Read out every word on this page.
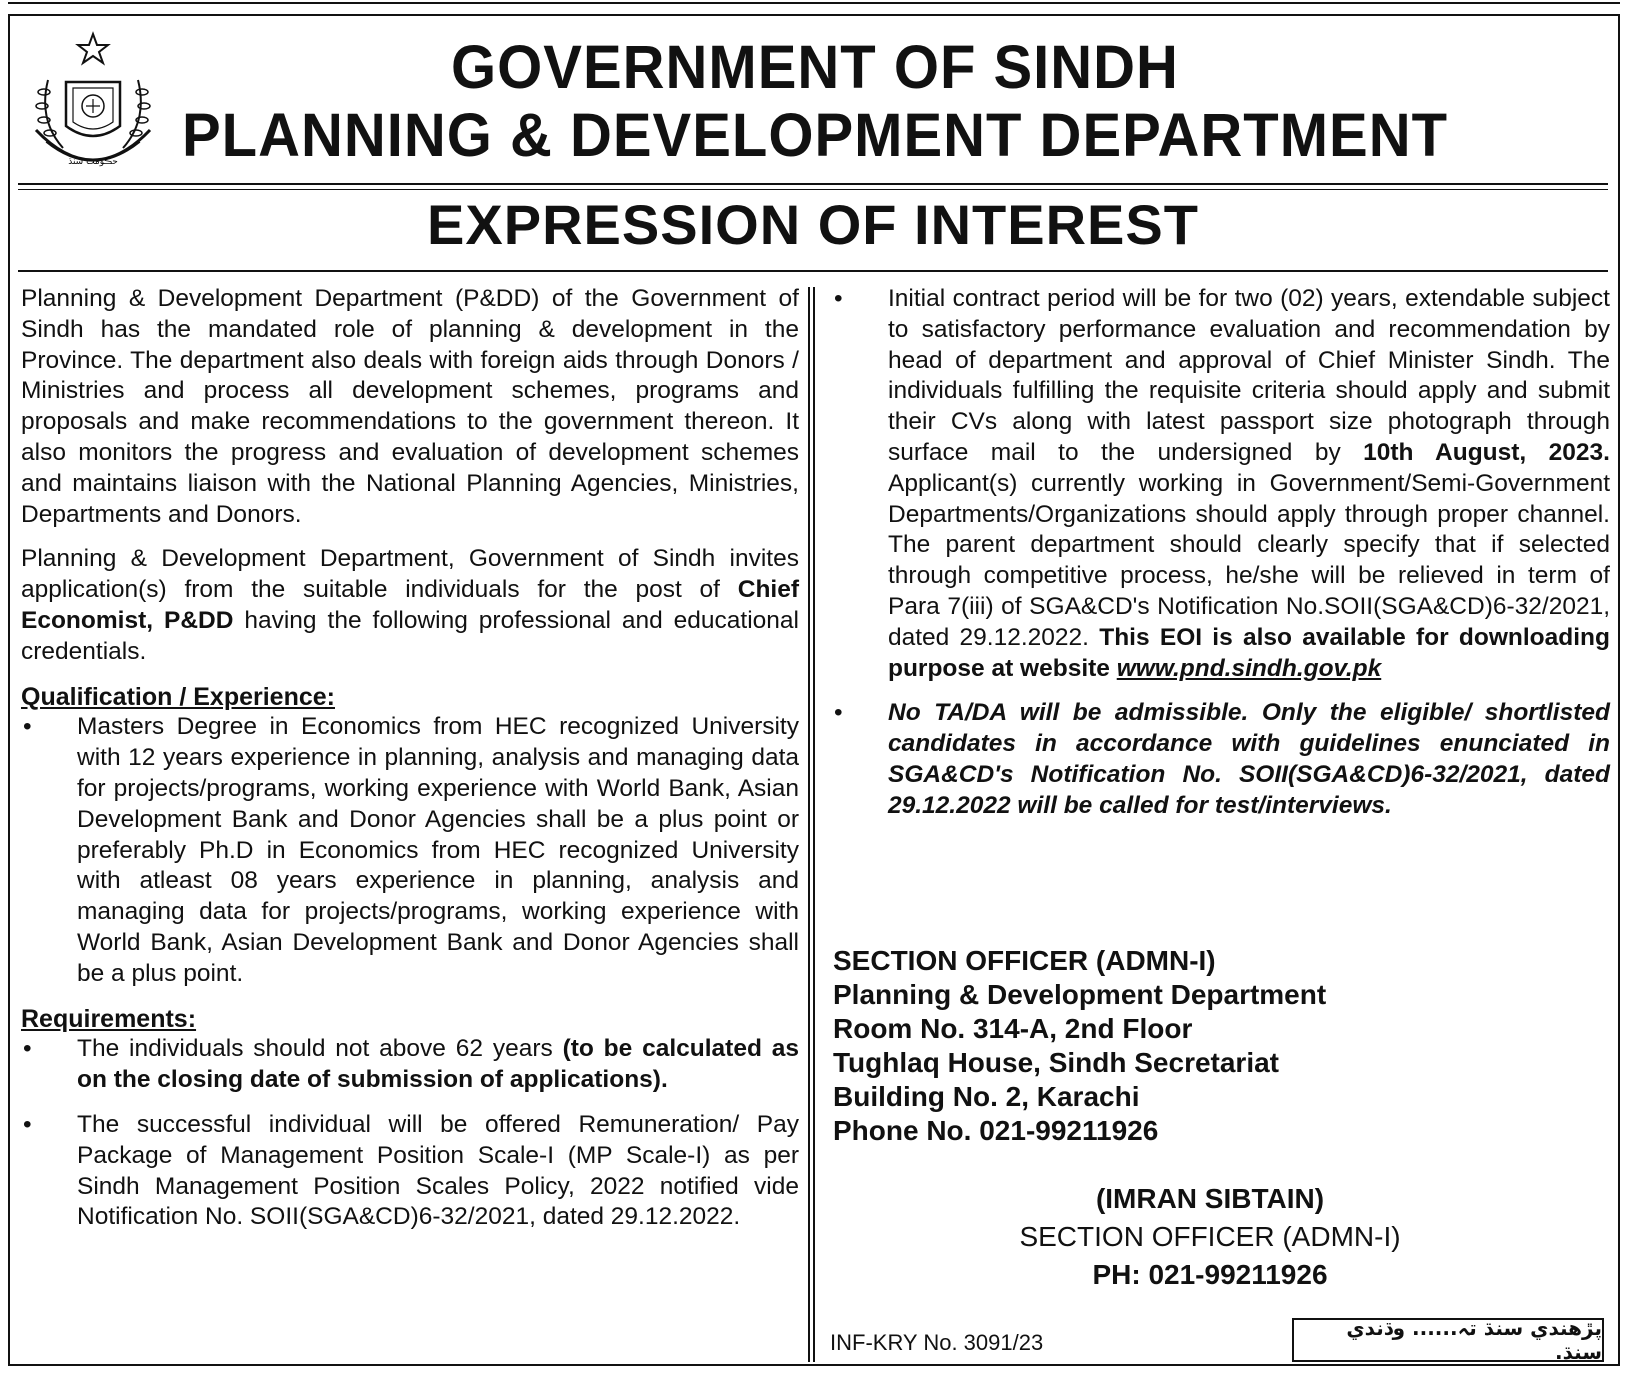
حڪومت سنڌ
GOVERNMENT OF SINDH
PLANNING & DEVELOPMENT DEPARTMENT
EXPRESSION OF INTEREST

Planning & Development Department (P&DD) of the Government of Sindh has the mandated role of planning & development in the Province. The department also deals with foreign aids through Donors / Ministries and process all development schemes, programs and proposals and make recommendations to the government thereon. It also monitors the progress and evaluation of development schemes and maintains liaison with the National Planning Agencies, Ministries, Departments and Donors.

Planning & Development Department, Government of Sindh invites application(s) from the suitable individuals for the post of Chief Economist, P&DD having the following professional and educational credentials.

Qualification / Experience:

• Masters Degree in Economics from HEC recognized University with 12 years experience in planning, analysis and managing data for projects/programs, working experience with World Bank, Asian Development Bank and Donor Agencies shall be a plus point or preferably Ph.D in Economics from HEC recognized University with atleast 08 years experience in planning, analysis and managing data for projects/programs, working experience with World Bank, Asian Development Bank and Donor Agencies shall be a plus point.

Requirements:

• The individuals should not above 62 years (to be calculated as on the closing date of submission of applications).

• The successful individual will be offered Remuneration/ Pay Package of Management Position Scale-I (MP Scale-I) as per Sindh Management Position Scales Policy, 2022 notified vide Notification No. SOII(SGA&CD)6-32/2021, dated 29.12.2022.

• Initial contract period will be for two (02) years, extendable subject to satisfactory performance evaluation and recommendation by head of department and approval of Chief Minister Sindh. The individuals fulfilling the requisite criteria should apply and submit their CVs along with latest passport size photograph through surface mail to the undersigned by 10th August, 2023. Applicant(s) currently working in Government/Semi-Government Departments/Organizations should apply through proper channel. The parent department should clearly specify that if selected through competitive process, he/she will be relieved in term of Para 7(iii) of SGA&CD's Notification No.SOII(SGA&CD)6-32/2021, dated 29.12.2022. This EOI is also available for downloading purpose at website www.pnd.sindh.gov.pk

• No TA/DA will be admissible. Only the eligible/ shortlisted candidates in accordance with guidelines enunciated in SGA&CD's Notification No. SOII(SGA&CD)6-32/2021, dated 29.12.2022 will be called for test/interviews.

SECTION OFFICER (ADMN-I)
Planning & Development Department
Room No. 314-A, 2nd Floor
Tughlaq House, Sindh Secretariat
Building No. 2, Karachi
Phone No. 021-99211926
(IMRAN SIBTAIN)
SECTION OFFICER (ADMN-I)
PH: 021-99211926
INF-KRY No. 3091/23
پڙهندي سنڌ تہ...... وڌندي سنڌ.
